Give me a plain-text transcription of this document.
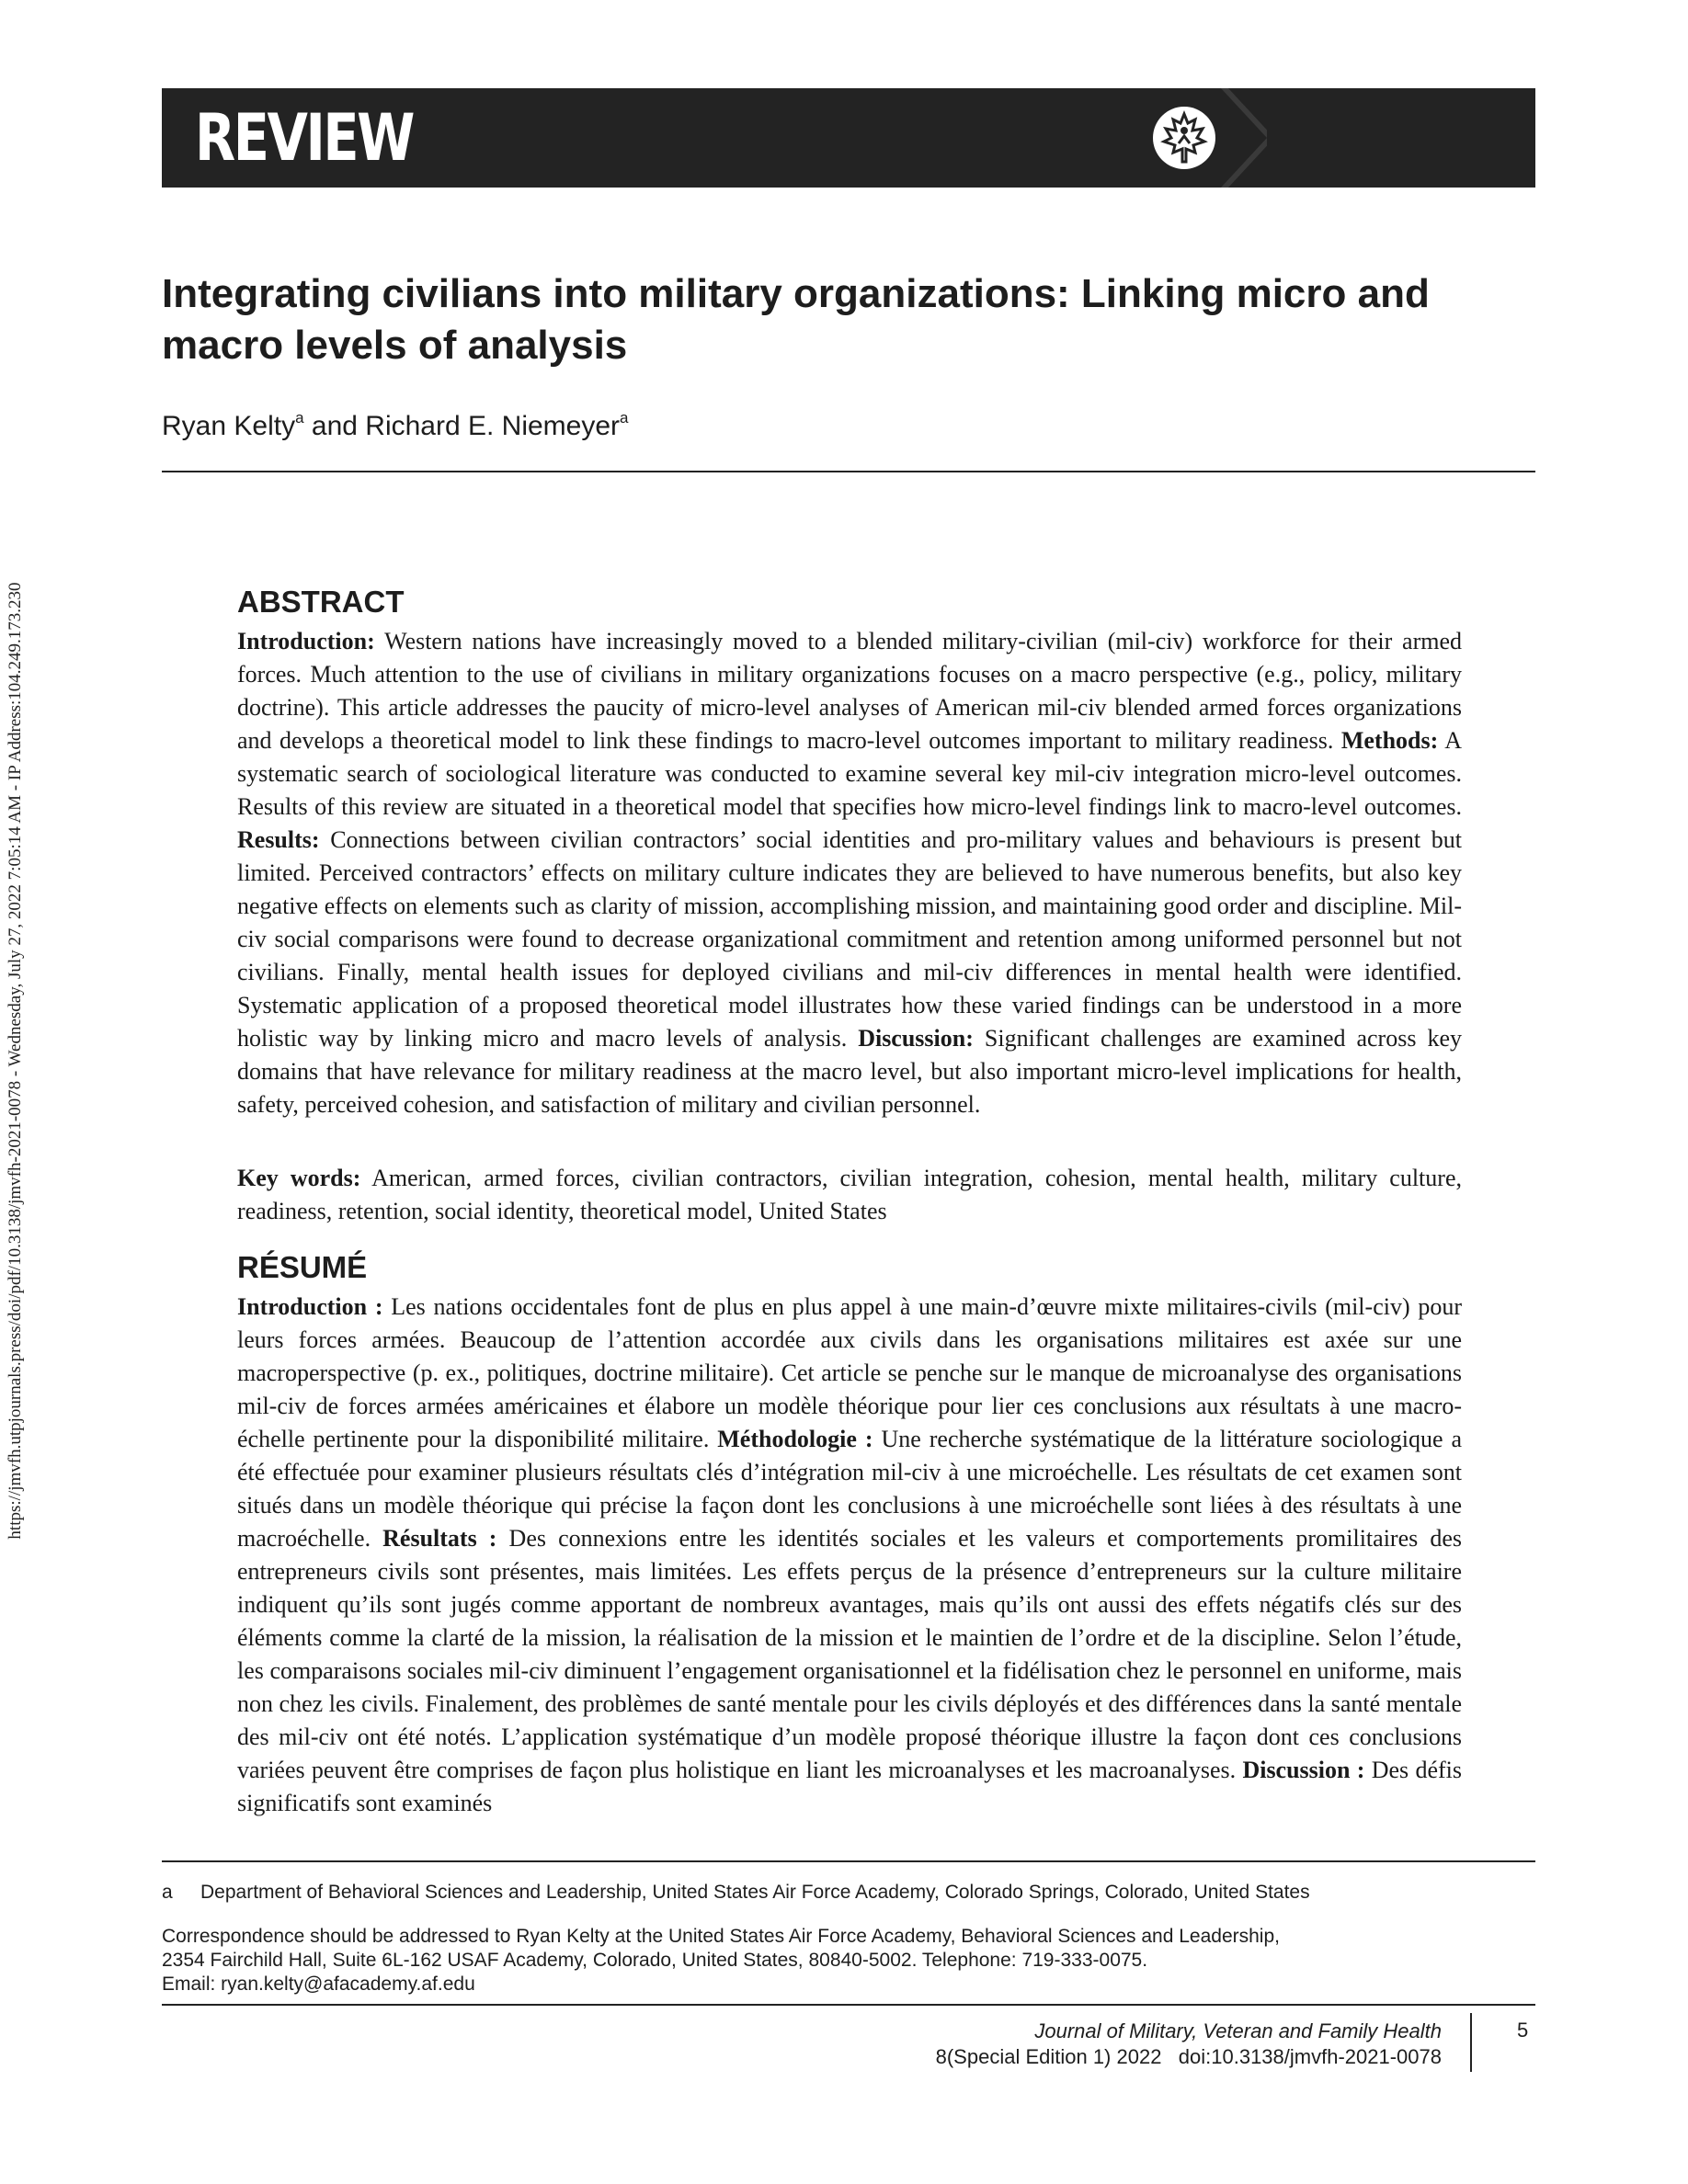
https://jmvfh.utpjournals.press/doi/pdf/10.3138/jmvfh-2021-0078 - Wednesday, July 27, 2022 7:05:14 AM - IP Address:104.249.173.230
REVIEW
Integrating civilians into military organizations: Linking micro and macro levels of analysis
Ryan Kelty$^a$ and Richard E. Niemeyer$^a$
ABSTRACT

Introduction: Western nations have increasingly moved to a blended military-civilian (mil-civ) workforce for their armed forces. Much attention to the use of civilians in military organizations focuses on a macro perspective (e.g., policy, military doctrine). This article addresses the paucity of micro-level analyses of American mil-civ blended armed forces organizations and develops a theoretical model to link these findings to macro-level outcomes important to military readiness. Methods: A systematic search of sociological literature was conducted to examine several key mil-civ integration micro-level outcomes. Results of this review are situated in a theoretical model that specifies how micro-level findings link to macro-level outcomes. Results: Connections between civilian contractors’ social identities and pro-military values and behaviours is present but limited. Perceived contractors’ effects on military culture indicates they are believed to have numerous benefits, but also key negative effects on elements such as clarity of mission, accomplishing mission, and maintaining good order and discipline. Mil-civ social comparisons were found to decrease organizational commitment and retention among uniformed personnel but not civilians. Finally, mental health issues for deployed civilians and mil-civ differences in mental health were identified. Systematic application of a proposed theoretical model illustrates how these varied findings can be understood in a more holistic way by linking micro and macro levels of analysis. Discussion: Significant challenges are examined across key domains that have relevance for military readiness at the macro level, but also important micro-level implications for health, safety, perceived cohesion, and satisfaction of military and civilian personnel.

Key words: American, armed forces, civilian contractors, civilian integration, cohesion, mental health, military culture, readiness, retention, social identity, theoretical model, United States

RÉSUMÉ

Introduction : Les nations occidentales font de plus en plus appel à une main-d’œuvre mixte militaires-civils (mil-civ) pour leurs forces armées. Beaucoup de l’attention accordée aux civils dans les organisations militaires est axée sur une macroperspective (p. ex., politiques, doctrine militaire). Cet article se penche sur le manque de microanalyse des organisations mil-civ de forces armées américaines et élabore un modèle théorique pour lier ces conclusions aux résultats à une macro-échelle pertinente pour la disponibilité militaire. Méthodologie : Une recherche systématique de la littérature sociologique a été effectuée pour examiner plusieurs résultats clés d’intégration mil-civ à une microéchelle. Les résultats de cet examen sont situés dans un modèle théorique qui précise la façon dont les conclusions à une microéchelle sont liées à des résultats à une macroéchelle. Résultats : Des connexions entre les identités sociales et les valeurs et comportements promilitaires des entrepreneurs civils sont présentes, mais limitées. Les effets perçus de la présence d’entrepreneurs sur la culture militaire indiquent qu’ils sont jugés comme apportant de nombreux avantages, mais qu’ils ont aussi des effets négatifs clés sur des éléments comme la clarté de la mission, la réalisation de la mission et le maintien de l’ordre et de la discipline. Selon l’étude, les comparaisons sociales mil-civ diminuent l’engagement organisationnel et la fidélisation chez le personnel en uniforme, mais non chez les civils. Finalement, des problèmes de santé mentale pour les civils déployés et des différences dans la santé mentale des mil-civ ont été notés. L’application systématique d’un modèle proposé théorique illustre la façon dont ces conclusions variées peuvent être comprises de façon plus holistique en liant les microanalyses et les macroanalyses. Discussion : Des défis significatifs sont examinés

a Department of Behavioral Sciences and Leadership, United States Air Force Academy, Colorado Springs, Colorado, United States
Correspondence should be addressed to Ryan Kelty at the United States Air Force Academy, Behavioral Sciences and Leadership,
2354 Fairchild Hall, Suite 6L-162 USAF Academy, Colorado, United States, 80840-5002. Telephone: 719-333-0075.
Email: ryan.kelty@afacademy.af.edu
Journal of Military, Veteran and Family Health
8(Special Edition 1) 2022 doi:10.3138/jmvfh-2021-0078
5
